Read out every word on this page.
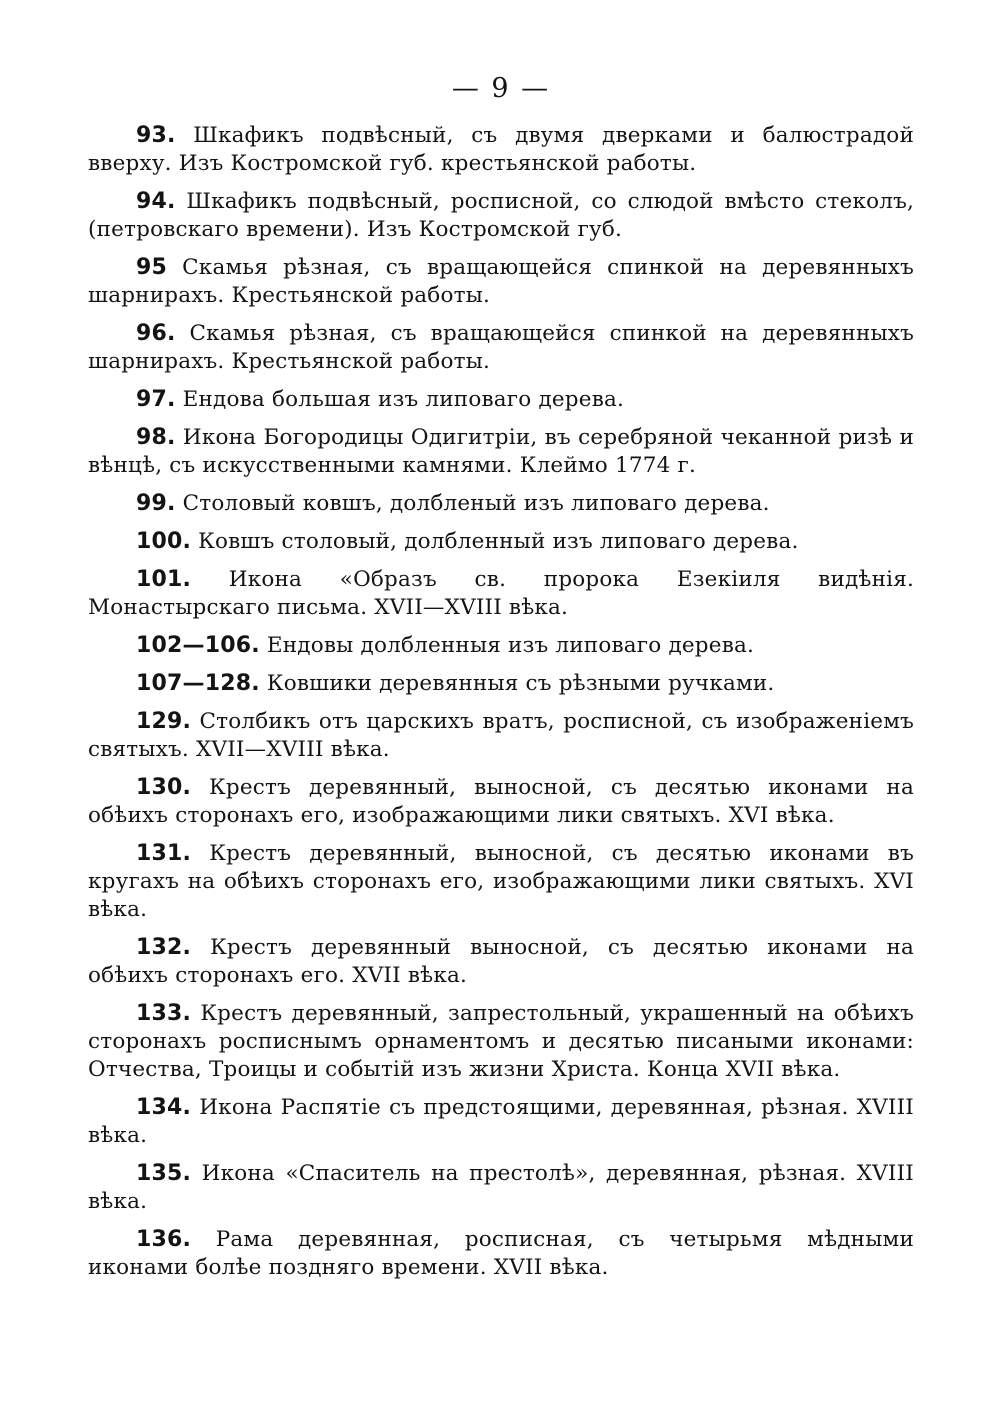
— 9 —

93. Шкафикъ подвѣсный, съ двумя дверками и балюстрадой вверху. Изъ Костромской губ. крестьянской работы.

94. Шкафикъ подвѣсный, росписной, со слюдой вмѣсто стеколъ, (петровскаго времени). Изъ Костромской губ.

95 Скамья рѣзная, съ вращающейся спинкой на деревянныхъ шарнирахъ. Крестьянской работы.

96. Скамья рѣзная, съ вращающейся спинкой на деревянныхъ шарнирахъ. Крестьянской работы.

97. Ендова большая изъ липоваго дерева.

98. Икона Богородицы Одигитріи, въ серебряной чеканной ризѣ и вѣнцѣ, съ искусственными камнями. Клеймо 1774 г.

99. Столовый ковшъ, долбленый изъ липоваго дерева.

100. Ковшъ столовый, долбленный изъ липоваго дерева.

101. Икона «Образъ св. пророка Езекіиля видѣнія. Монастырскаго письма. XVII—XVIII вѣка.

102—106. Ендовы долбленныя изъ липоваго дерева.

107—128. Ковшики деревянныя съ рѣзными ручками.

129. Столбикъ отъ царскихъ вратъ, росписной, съ изображеніемъ святыхъ. XVII—XVIII вѣка.

130. Крестъ деревянный, выносной, съ десятью иконами на обѣихъ сторонахъ его, изображающими лики святыхъ. XVI вѣка.

131. Крестъ деревянный, выносной, съ десятью иконами въ кругахъ на обѣихъ сторонахъ его, изображающими лики святыхъ. XVI вѣка.

132. Крестъ деревянный выносной, съ десятью иконами на обѣихъ сторонахъ его. XVII вѣка.

133. Крестъ деревянный, запрестольный, украшенный на обѣихъ сторонахъ росписнымъ орнаментомъ и десятью писаными иконами: Отчества, Троицы и событій изъ жизни Христа. Конца XVII вѣка.

134. Икона Распятіе съ предстоящими, деревянная, рѣзная. XVIII вѣка.

135. Икона «Спаситель на престолѣ», деревянная, рѣзная. XVIII вѣка.

136. Рама деревянная, росписная, съ четырьмя мѣдными иконами болѣе поздняго времени. XVII вѣка.
